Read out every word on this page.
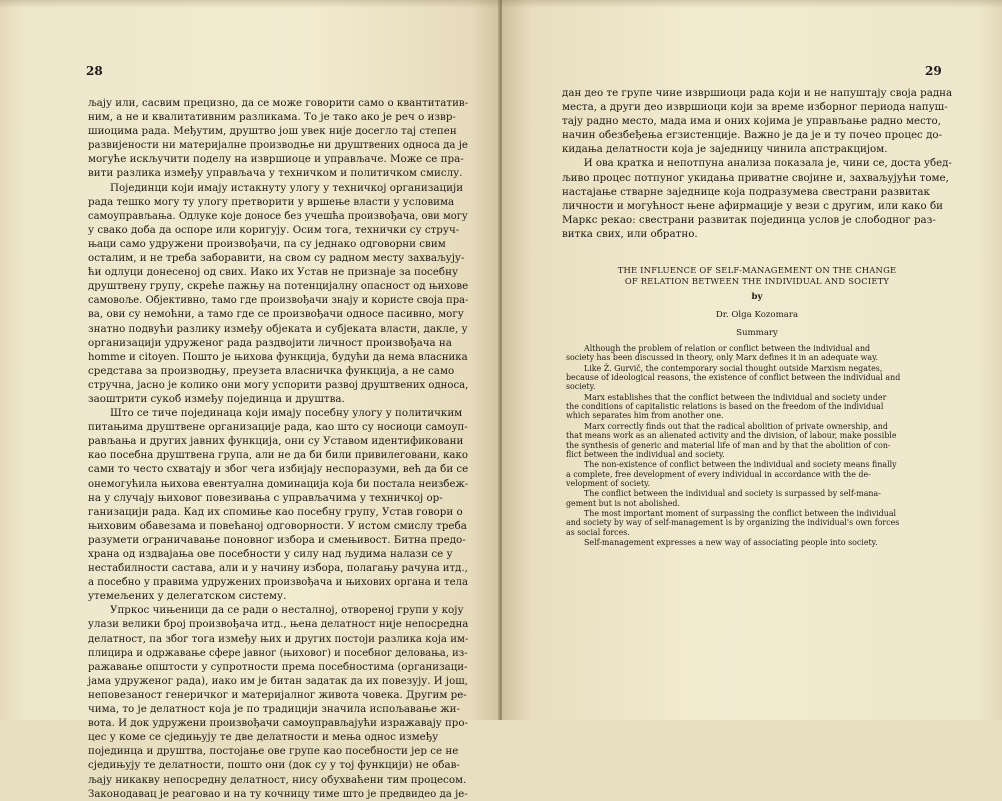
28
љају или, сасвим прецизно, да се може говорити само о квантитатив-
ним, а не и квалитативним разликама. То је тако ако је реч о извр-
шиоцима рада. Међутим, друштво још увек није досегло тај степен
развијености ни материјалне производње ни друштвених односа да је
могуће искључити поделу на извршиоце и управљаче. Може се пра-
вити разлика између управљача у техничком и политичком смислу.
Појединци који имају истакнуту улогу у техничкој организацији
рада тешко могу ту улогу претворити у вршење власти у условима
самоуправљања. Одлуке које доносе без учешћа произвођача, ови могу
у свако доба да оспоре или коригују. Осим тога, технички су струч-
њаци само удружени произвођачи, па су једнако одговорни свим
осталим, и не треба заборавити, на свом су радном месту захваљују-
ћи одлуци донесеној од свих. Иако их Устав не признаје за посебну
друштвену групу, скреће пажњу на потенцијалну опасност од њихове
самовоље. Објективно, тамо где произвођачи знају и користе своја пра-
ва, ови су немоћни, а тамо где се произвођачи односе пасивно, могу
знатно подвући разлику између објеката и субјеката власти, дакле, у
организацији удруженог рада раздвојити личност произвођача на
homme и citoyen. Пошто је њихова функција, будући да нема власника
средстава за производњу, преузета власничка функција, а не само
стручна, јасно је колико они могу успорити развој друштвених односа,
заоштрити сукоб између појединца и друштва.
Што се тиче појединаца који имају посебну улогу у политичким
питањима друштвене организације рада, као што су носиоци самоуп-
рављања и других јавних функција, они су Уставом идентификовани
као посебна друштвена група, али не да би били привилеговани, како
сами то често схватају и због чега избијају неспоразуми, већ да би се
онемогућила њихова евентуална доминација која би постала неизбеж-
на у случају њиховог повезивања с управљачима у техничкој ор-
ганизацији рада. Кад их спомиње као посебну групу, Устав говори о
њиховим обавезама и повећаној одговорности. У истом смислу треба
разумети ограничавање поновног избора и смењивост. Битна предо-
храна од издвајања ове посебности у силу над људима налази се у
нестабилности састава, али и у начину избора, полагању рачуна итд.,
а посебно у правима удружених произвођача и њихових органа и тела
утемељених у делегатском систему.
Упркос чињеници да се ради о несталној, отвореној групи у коју
улази велики број произвођача итд., њена делатност није непосредна
делатност, па због тога између њих и других постоји разлика која им-
плицира и одржавање сфере јавног (њиховог) и посебног деловања, из-
ражавање општости у супротности према посебностима (организаци-
јама удруженог рада), иако им је битан задатак да их повезују. И још,
неповезаност генеричког и материјалног живота човека. Другим ре-
чима, то је делатност која је по традицији значила испољавање жи-
вота. И док удружени произвођачи самоуправљајући изражавају про-
цес у коме се сједињују те две делатности и мења однос између
појединца и друштва, постојање ове групе као посебности јер се не
сједињују те делатности, пошто они (док су у тој функцији) не обав-
љају никакву непосредну делатност, нису обухваћени тим процесом.
Законодавац је реаговао и на ту кочницу тиме што је предвидео да је-
29
дан део те групе чине извршиоци рада који и не напуштају своја радна
места, а други део извршиоци који за време изборног периода напуш-
тају радно место, мада има и оних којима је управљање радно место,
начин обезбеђења егзистенције. Важно је да је и ту почео процес до-
кидања делатности која је заједницу чинила апстракцијом.
И ова кратка и непотпуна анализа показала је, чини се, доста убед-
љиво процес потпуног укидања приватне својине и, захваљујући томе,
настајање стварне заједнице која подразумева свестрани развитак
личности и могућност њене афирмације у вези с другим, или како би
Маркс рекао: свестрани развитак појединца услов је слободног раз-
витка свих, или обратно.
THE INFLUENCE OF SELF-MANAGEMENT ON THE CHANGE
OF RELATION BETWEEN THE INDIVIDUAL AND SOCIETY
by
Dr. Olga Kozomara
Summary
Although the problem of relation or conflict between the individual and
society has been discussed in theory, only Marx defines it in an adequate way.
Like Ž. Gurvič, the contemporary social thought outside Marxism negates,
because of ideological reasons, the existence of conflict between the individual and
society.
Marx establishes that the conflict between the individual and society under
the conditions of capitalistic relations is based on the freedom of the individual
which separates him from another one.
Marx correctly finds out that the radical abolition of private ownership, and
that means work as an alienated activity and the division, of labour, make possible
the synthesis of generic and material life of man and by that the abolition of con-
flict between the individual and society.
The non-existence of conflict between the individual and society means finally
a complete, free development of every individual in accordance with the de-
velopment of society.
The conflict between the individual and society is surpassed by self-mana-
gement but is not abolished.
The most important moment of surpassing the conflict between the individual
and society by way of self-management is by organizing the individual's own forces
as social forces.
Self-management expresses a new way of associating people into society.
